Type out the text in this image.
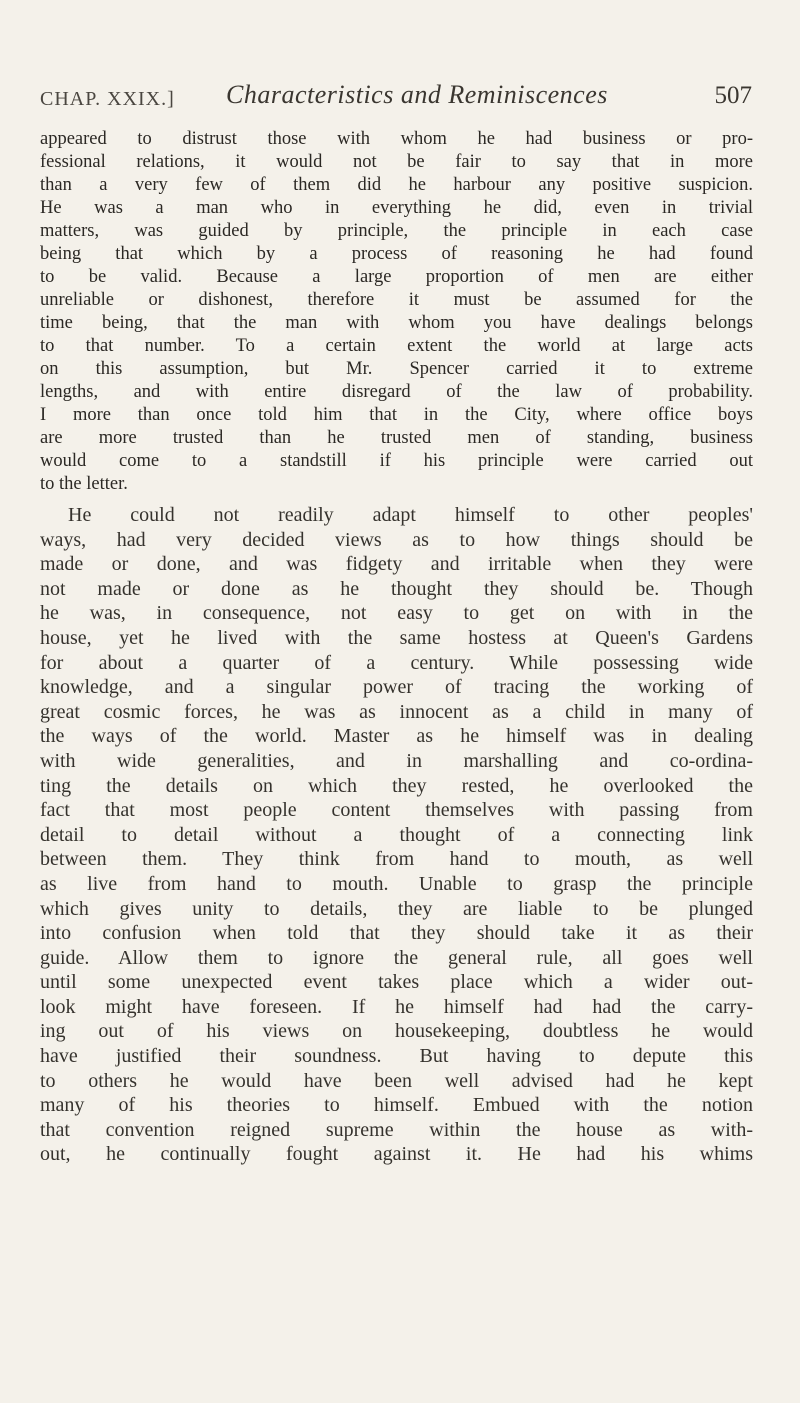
CHAP. XXIX.] Characteristics and Reminiscences	507
appeared to distrust those with whom he had business or pro-
fessional relations, it would not be fair to say that in more
than a very few of them did he harbour any positive suspicion.
He was a man who in everything he did, even in trivial
matters, was guided by principle, the principle in each case
being that which by a process of reasoning he had found
to be valid. Because a large proportion of men are either
unreliable or dishonest, therefore it must be assumed for the
time being, that the man with whom you have dealings belongs
to that number. To a certain extent the world at large acts
on this assumption, but Mr. Spencer carried it to extreme
lengths, and with entire disregard of the law of probability.
I more than once told him that in the City, where office boys
are more trusted than he trusted men of standing, business
would come to a standstill if his principle were carried out
to the letter.
He could not readily adapt himself to other peoples'
ways, had very decided views as to how things should be
made or done, and was fidgety and irritable when they were
not made or done as he thought they should be. Though
he was, in consequence, not easy to get on with in the
house, yet he lived with the same hostess at Queen's Gardens
for about a quarter of a century. While possessing wide
knowledge, and a singular power of tracing the working of
great cosmic forces, he was as innocent as a child in many of
the ways of the world. Master as he himself was in dealing
with wide generalities, and in marshalling and co-ordina-
ting the details on which they rested, he overlooked the
fact that most people content themselves with passing from
detail to detail without a thought of a connecting link
between them. They think from hand to mouth, as well
as live from hand to mouth. Unable to grasp the principle
which gives unity to details, they are liable to be plunged
into confusion when told that they should take it as their
guide. Allow them to ignore the general rule, all goes well
until some unexpected event takes place which a wider out-
look might have foreseen. If he himself had had the carry-
ing out of his views on housekeeping, doubtless he would
have justified their soundness. But having to depute this
to others he would have been well advised had he kept
many of his theories to himself. Embued with the notion
that convention reigned supreme within the house as with-
out, he continually fought against it. He had his whims
